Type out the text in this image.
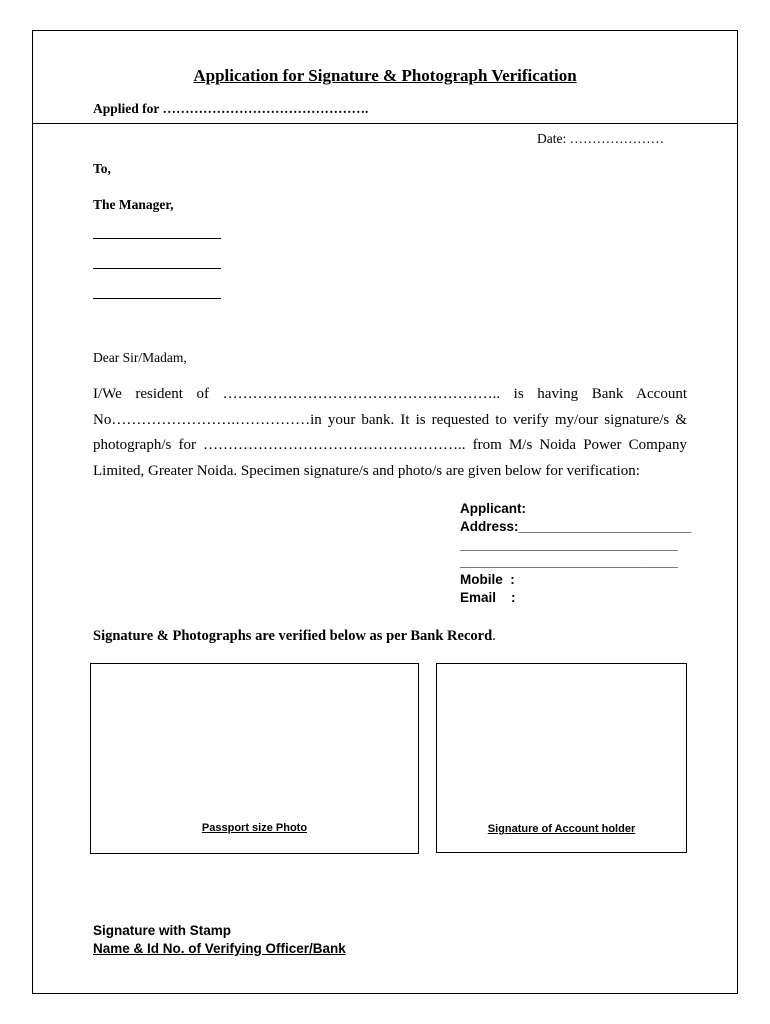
Application for Signature & Photograph Verification
Applied for ……………………………………….
Date: …………………
To,
The Manager,
Dear Sir/Madam,

I/We resident of ……………………………………………….. is having Bank Account

No…………………….……………in your bank. It is requested to verify my/our signature/s &

photograph/s for …………………………………………….. from M/s Noida Power Company

Limited, Greater Noida. Specimen signature/s and photo/s are given below for verification:

Applicant:
Address:_______________________
_____________________________
_____________________________
Mobile  :
Email    :
Signature & Photographs are verified below as per Bank Record.
Passport size Photo	Signature of Account holder
Signature with Stamp
Name & Id No. of Verifying Officer/Bank
